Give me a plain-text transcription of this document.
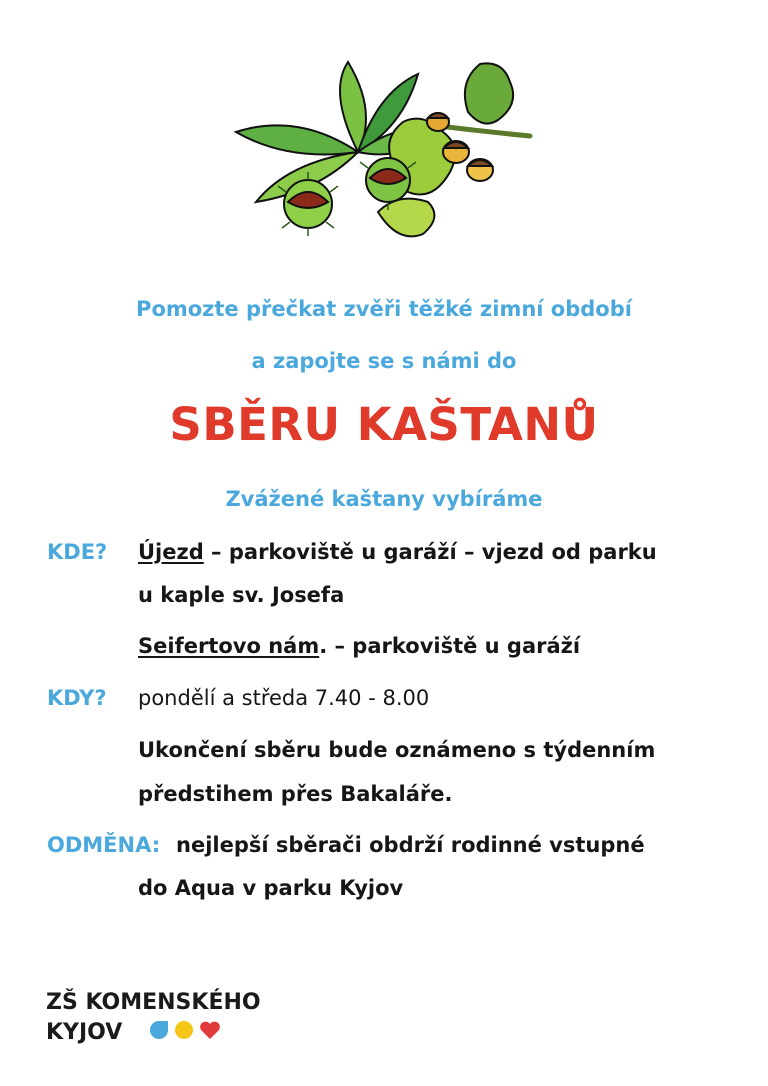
Pomozte přečkat zvěři těžké zimní období
a zapojte se s námi do
SBĚRU KAŠTANŮ
Zvážené kaštany vybíráme
KDE? Újezd – parkoviště u garáží – vjezd od parku
u kaple sv. Josefa
Seifertovo nám. – parkoviště u garáží
KDY? pondělí a středa 7.40 - 8.00
Ukončení sběru bude oznámeno s týdenním
předstihem přes Bakaláře.
ODMĚNA: nejlepší sběrači obdrží rodinné vstupné
do Aqua v parku Kyjov
ZŠ KOMENSKÉHO
KYJOV
